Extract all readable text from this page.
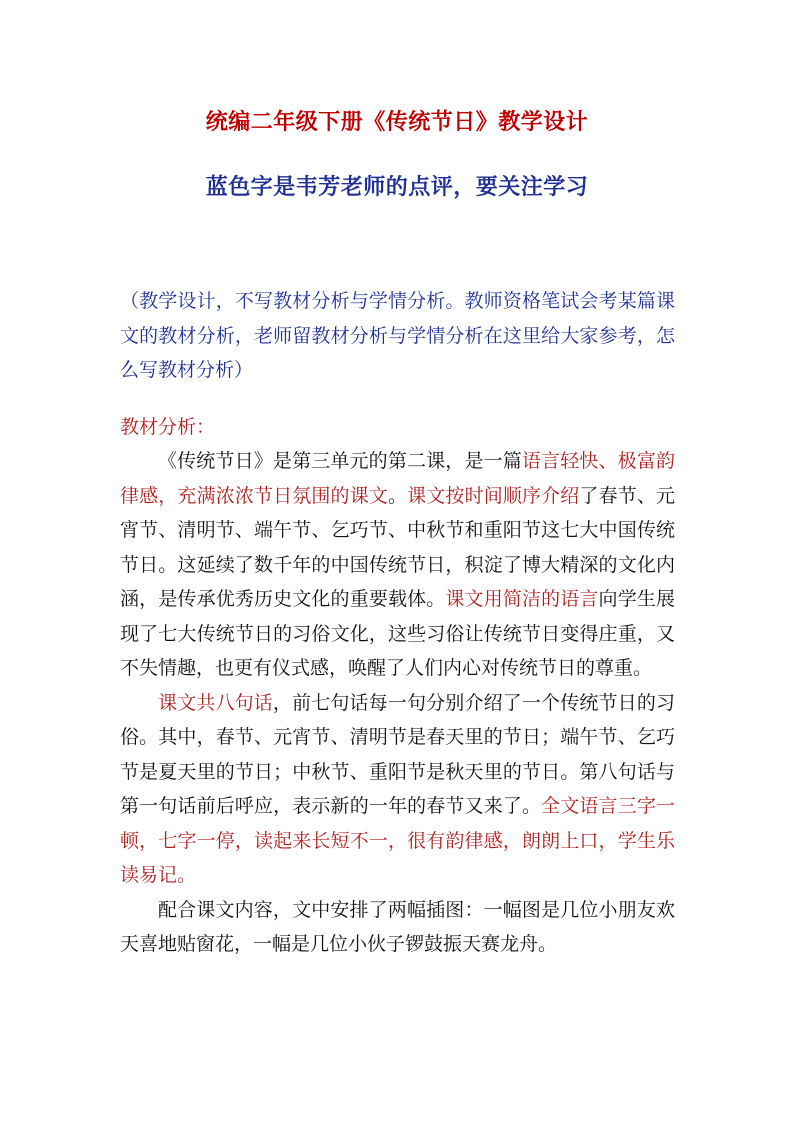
统编二年级下册《传统节日》教学设计
蓝色字是韦芳老师的点评，要关注学习

（教学设计，不写教材分析与学情分析。教师资格笔试会考某篇课文的教材分析，老师留教材分析与学情分析在这里给大家参考，怎么写教材分析）

教材分析：

《传统节日》是第三单元的第二课，是一篇语言轻快、极富韵律感，充满浓浓节日氛围的课文。课文按时间顺序介绍了春节、元宵节、清明节、端午节、乞巧节、中秋节和重阳节这七大中国传统节日。这延续了数千年的中国传统节日，积淀了博大精深的文化内涵，是传承优秀历史文化的重要载体。课文用简洁的语言向学生展现了七大传统节日的习俗文化，这些习俗让传统节日变得庄重，又不失情趣，也更有仪式感，唤醒了人们内心对传统节日的尊重。

课文共八句话，前七句话每一句分别介绍了一个传统节日的习俗。其中，春节、元宵节、清明节是春天里的节日；端午节、乞巧节是夏天里的节日；中秋节、重阳节是秋天里的节日。第八句话与第一句话前后呼应，表示新的一年的春节又来了。全文语言三字一顿，七字一停，读起来长短不一，很有韵律感，朗朗上口，学生乐读易记。

配合课文内容，文中安排了两幅插图：一幅图是几位小朋友欢天喜地贴窗花，一幅是几位小伙子锣鼓振天赛龙舟。
